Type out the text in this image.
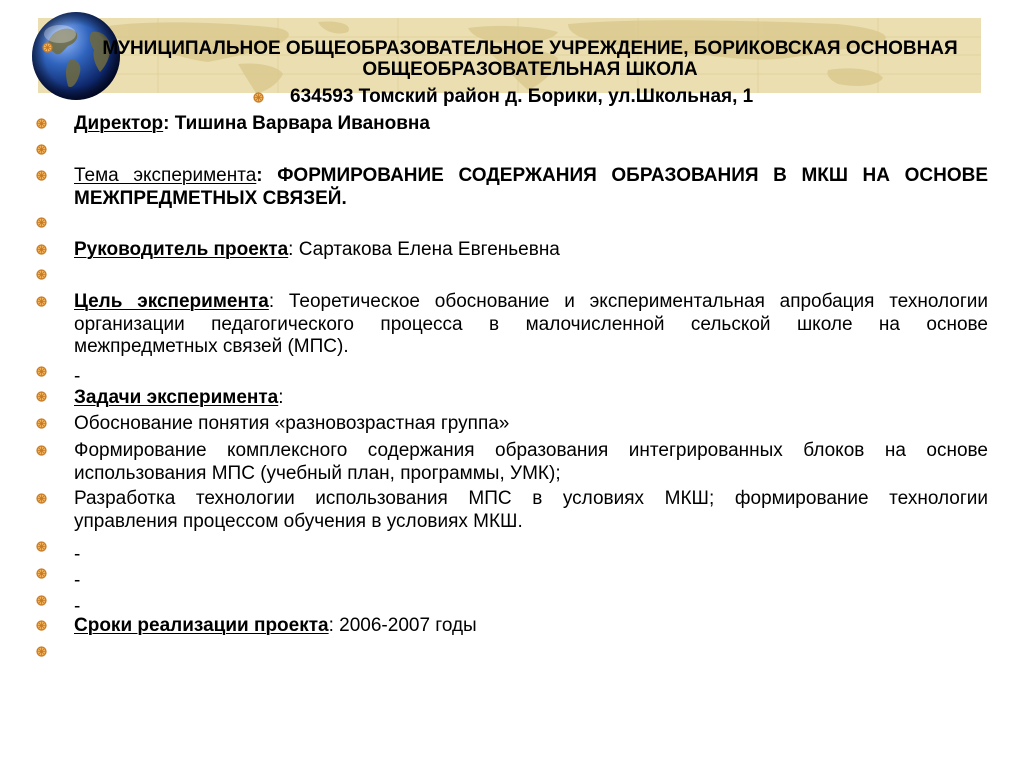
МУНИЦИПАЛЬНОЕ ОБЩЕОБРАЗОВАТЕЛЬНОЕ УЧРЕЖДЕНИЕ, БОРИКОВСКАЯ ОСНОВНАЯ
ОБЩЕОБРАЗОВАТЕЛЬНАЯ ШКОЛА
634593 Томский район д. Борики, ул.Школьная, 1
Директор: Тишина Варвара Ивановна
Тема эксперимента: ФОРМИРОВАНИЕ СОДЕРЖАНИЯ ОБРАЗОВАНИЯ В МКШ НА ОСНОВЕ
МЕЖПРЕДМЕТНЫХ СВЯЗЕЙ.
Руководитель проекта: Сартакова Елена Евгеньевна
Цель эксперимента: Теоретическое обоснование и экспериментальная апробация технологии
организации педагогического процесса в малочисленной сельской школе на основе
межпредметных связей (МПС).
-
Задачи эксперимента:
Обоснование понятия «разновозрастная группа»
Формирование комплексного содержания образования интегрированных блоков на основе
использования МПС (учебный план, программы, УМК);
Разработка технологии использования МПС в условиях МКШ; формирование технологии
управления процессом обучения в условиях МКШ.
-
-
-
Сроки реализации проекта: 2006-2007 годы
